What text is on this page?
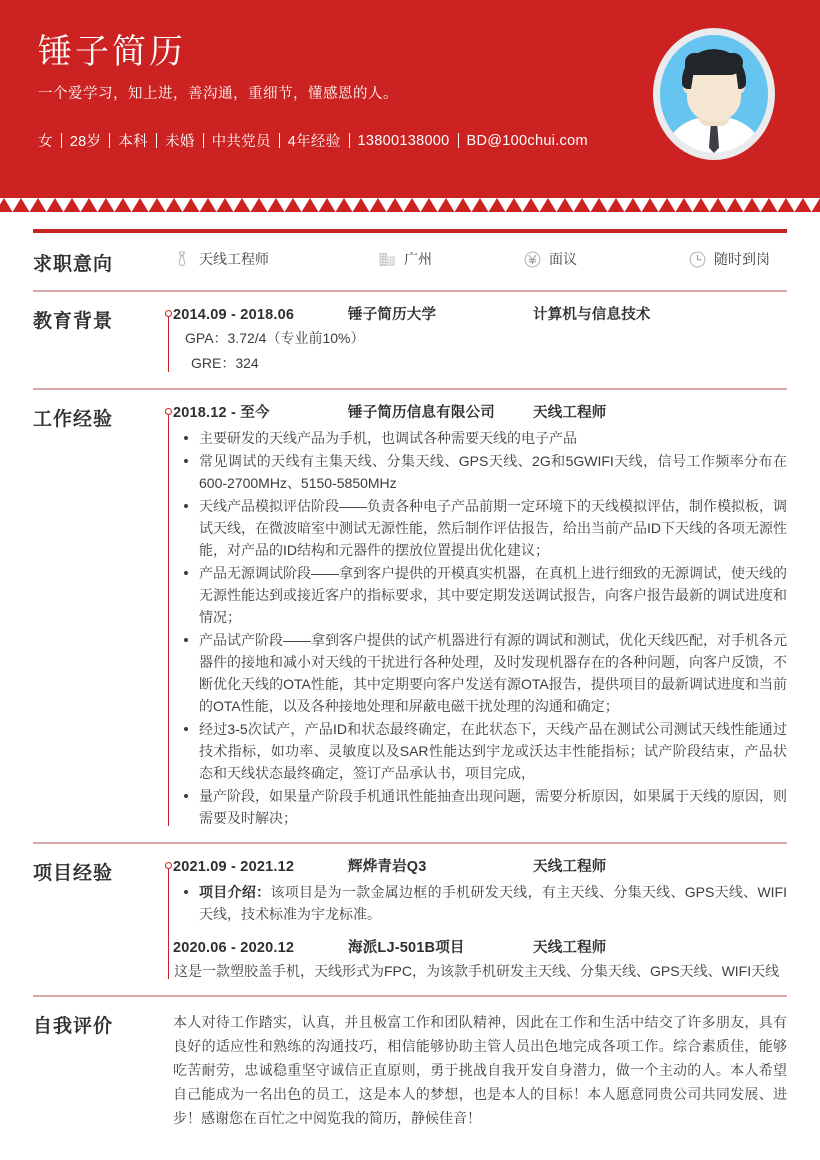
锤子简历
一个爱学习，知上进，善沟通，重细节，懂感恩的人。
女 28岁 本科 未婚 中共党员 4年经验 13800138000 BD@100chui.com
求职意向	天线工程师	广州	面议	随时到岗
教育背景	2014.09 - 2018.06	锤子简历大学	计算机与信息技术
GPA：3.72/4（专业前10%）
GRE：324
工作经验	2018.12 - 至今	锤子简历信息有限公司	天线工程师
主要研发的天线产品为手机，也调试各种需要天线的电子产品
常见调试的天线有主集天线、分集天线、GPS天线、2G和5GWIFI天线，信号工作频率分布在600-2700MHz、5150-5850MHz
天线产品模拟评估阶段——负责各种电子产品前期一定环境下的天线模拟评估，制作模拟板，调试天线，在微波暗室中测试无源性能，然后制作评估报告，给出当前产品ID下天线的各项无源性能，对产品的ID结构和元器件的摆放位置提出优化建议；
产品无源调试阶段——拿到客户提供的开模真实机器，在真机上进行细致的无源调试，使天线的无源性能达到或接近客户的指标要求，其中要定期发送调试报告，向客户报告最新的调试进度和情况；
产品试产阶段——拿到客户提供的试产机器进行有源的调试和测试，优化天线匹配，对手机各元器件的接地和减小对天线的干扰进行各种处理，及时发现机器存在的各种问题，向客户反馈，不断优化天线的OTA性能，其中定期要向客户发送有源OTA报告，提供项目的最新调试进度和当前的OTA性能，以及各种接地处理和屏蔽电磁干扰处理的沟通和确定；
经过3-5次试产，产品ID和状态最终确定，在此状态下，天线产品在测试公司测试天线性能通过技术指标，如功率、灵敏度以及SAR性能达到宇龙或沃达丰性能指标；试产阶段结束，产品状态和天线状态最终确定，签订产品承认书，项目完成，
量产阶段，如果量产阶段手机通讯性能抽查出现问题，需要分析原因，如果属于天线的原因，则需要及时解决；
项目经验	2021.09 - 2021.12	辉烨青岩Q3	天线工程师
项目介绍：该项目是为一款金属边框的手机研发天线，有主天线、分集天线、GPS天线、WIFI天线，技术标准为宇龙标准。
2020.06 - 2020.12	海派LJ-501B项目	天线工程师
这是一款塑胶盖手机，天线形式为FPC，为该款手机研发主天线、分集天线、GPS天线、WIFI天线
自我评价	本人对待工作踏实，认真，并且极富工作和团队精神，因此在工作和生活中结交了许多朋友，具有良好的适应性和熟练的沟通技巧，相信能够协助主管人员出色地完成各项工作。综合素质佳，能够吃苦耐劳，忠诚稳重坚守诚信正直原则，勇于挑战自我开发自身潜力，做一个主动的人。本人希望自己能成为一名出色的员工，这是本人的梦想，也是本人的目标！本人愿意同贵公司共同发展、进步！感谢您在百忙之中阅览我的简历，静候佳音！
